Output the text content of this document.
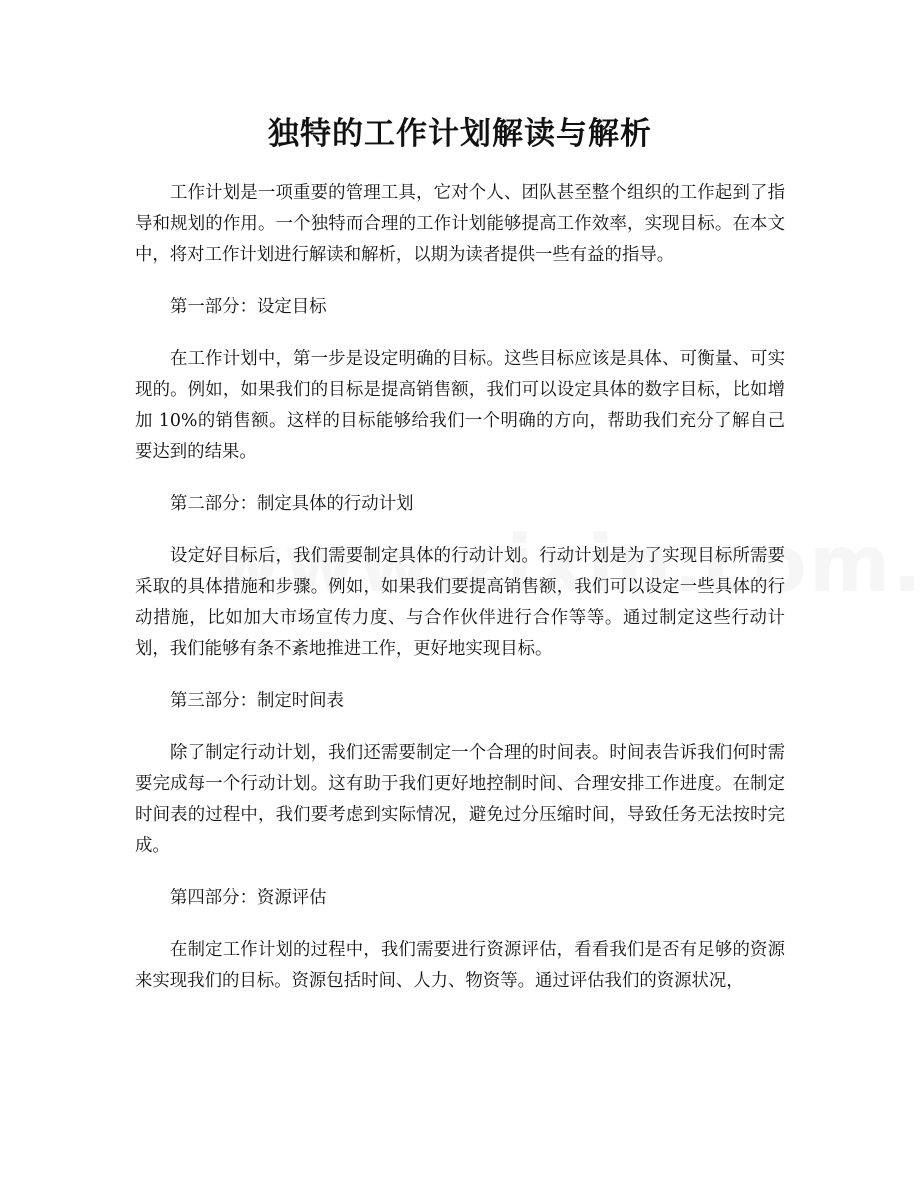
独特的工作计划解读与解析

工作计划是一项重要的管理工具，它对个人、团队甚至整个组织的工作起到了指导和规划的作用。一个独特而合理的工作计划能够提高工作效率，实现目标。在本文中，将对工作计划进行解读和解析，以期为读者提供一些有益的指导。

第一部分：设定目标

在工作计划中，第一步是设定明确的目标。这些目标应该是具体、可衡量、可实现的。例如，如果我们的目标是提高销售额，我们可以设定具体的数字目标，比如增加 10%的销售额。这样的目标能够给我们一个明确的方向，帮助我们充分了解自己要达到的结果。

第二部分：制定具体的行动计划

设定好目标后，我们需要制定具体的行动计划。行动计划是为了实现目标所需要采取的具体措施和步骤。例如，如果我们要提高销售额，我们可以设定一些具体的行动措施，比如加大市场宣传力度、与合作伙伴进行合作等等。通过制定这些行动计划，我们能够有条不紊地推进工作，更好地实现目标。

第三部分：制定时间表

除了制定行动计划，我们还需要制定一个合理的时间表。时间表告诉我们何时需要完成每一个行动计划。这有助于我们更好地控制时间、合理安排工作进度。在制定时间表的过程中，我们要考虑到实际情况，避免过分压缩时间，导致任务无法按时完成。

第四部分：资源评估

在制定工作计划的过程中，我们需要进行资源评估，看看我们是否有足够的资源来实现我们的目标。资源包括时间、人力、物资等。通过评估我们的资源状况，
